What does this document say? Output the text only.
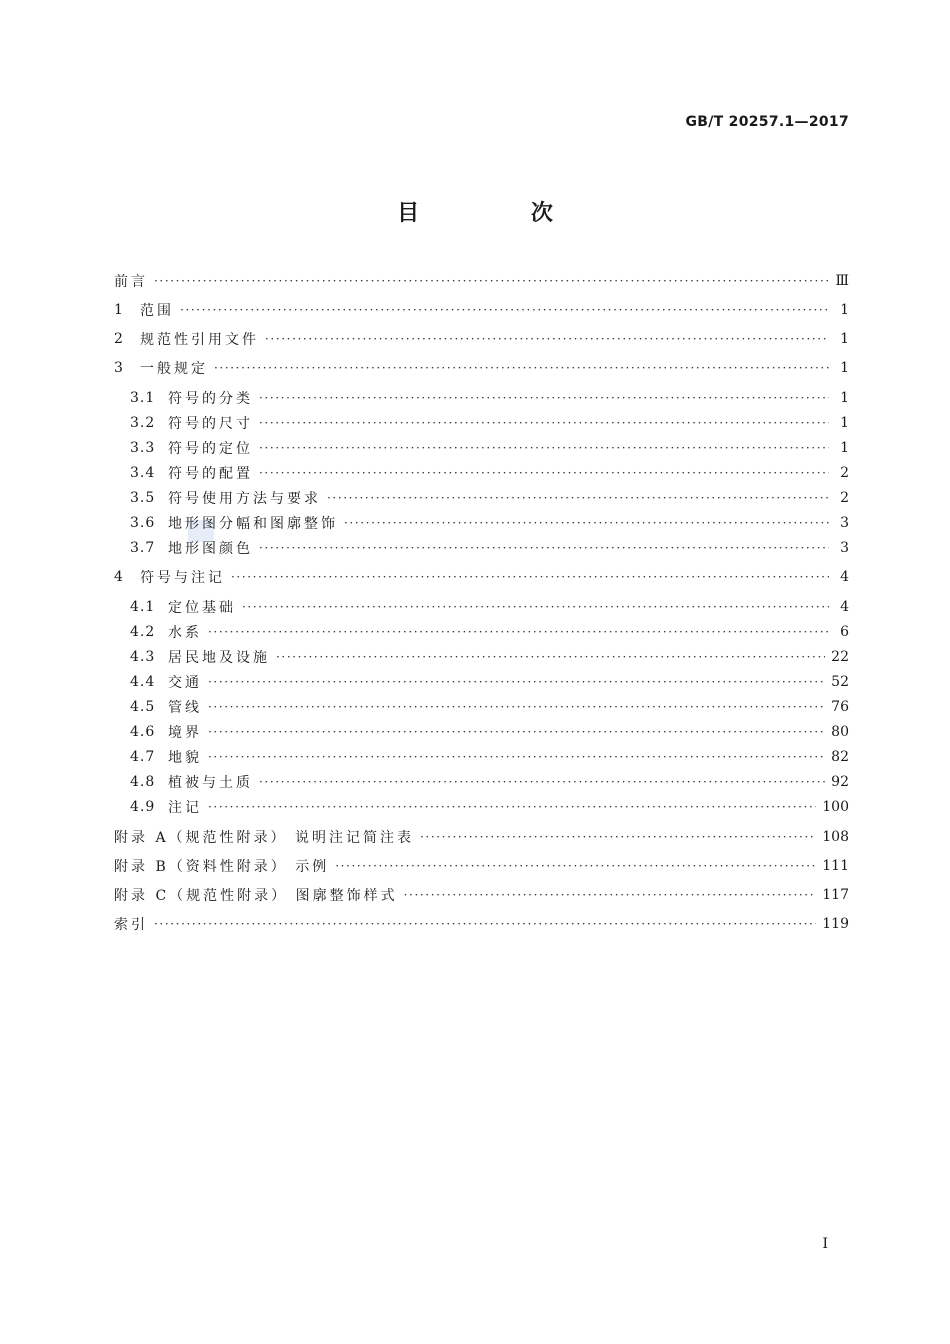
GB/T 20257.1—2017
目 次
前言 ·····	Ⅲ
1	范围 ·····	1
2	规范性引用文件 ·····	1
3	一般规定 ·····	1
3.1 符号的分类 ·····	1
3.2 符号的尺寸 ·····	1
3.3 符号的定位 ·····	1
3.4 符号的配置 ·····	2
3.5 符号使用方法与要求 ·····	2
3.6 地形图分幅和图廓整饰 ·····	3
3.7 地形图颜色 ·····	3
4	符号与注记 ·····	4
4.1 定位基础 ·····	4
4.2 水系 ·····	6
4.3 居民地及设施 ·····	22
4.4 交通 ·····	52
4.5 管线 ·····	76
4.6 境界 ·····	80
4.7 地貌 ·····	82
4.8 植被与土质 ·····	92
4.9 注记 ·····	100
附录 A（规范性附录） 说明注记简注表 ·····	108
附录 B（资料性附录） 示例 ·····	111
附录 C（规范性附录） 图廓整饰样式 ·····	117
索引 ·····	119
I
